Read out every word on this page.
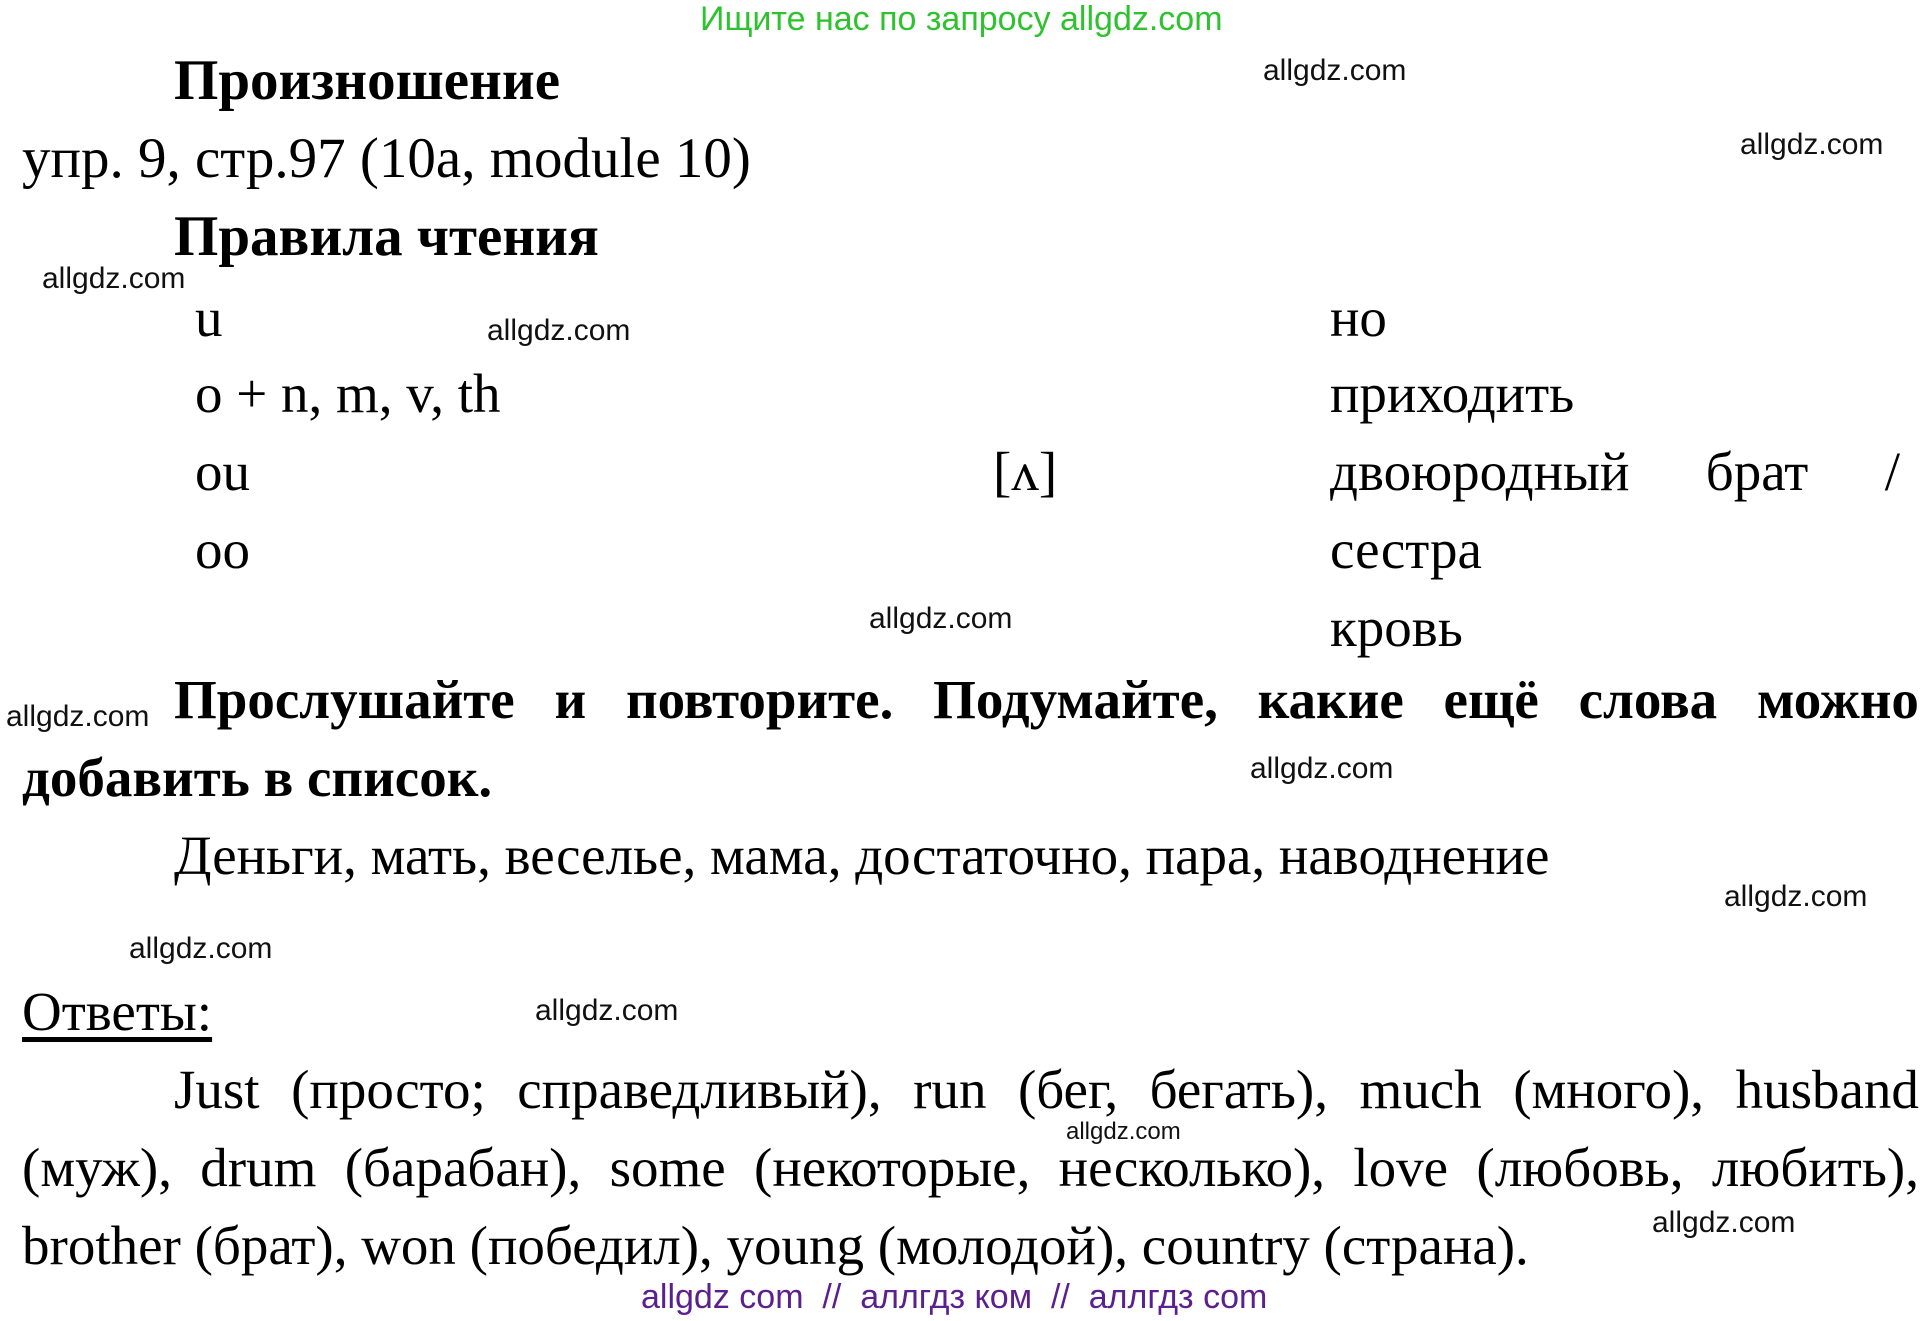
Ищите нас по запросу allgdz.com
allgdz.com
allgdz.com
allgdz.com
allgdz.com
allgdz.com
allgdz.com
allgdz.com
allgdz.com
allgdz.com
allgdz.com
allgdz.com
allgdz.com
Произношение
упр. 9, стр.97 (10a, module 10)
Правила чтения
u
o + n, m, v, th
ou
oo
[ʌ]
но
приходить
двоюродный брат /
сестра
кровь
Прослушайте и повторите. Подумайте, какие ещё слова можно
добавить в список.
Деньги, мать, веселье, мама, достаточно, пара, наводнение
Ответы:
Just (просто; справедливый), run (бег, бегать), much (много), husband
(муж), drum (барабан), some (некоторые, несколько), love (любовь, любить),
brother (брат), won (победил), young (молодой), country (страна).
allgdz com  //  аллгдз ком  //  аллгдз com
